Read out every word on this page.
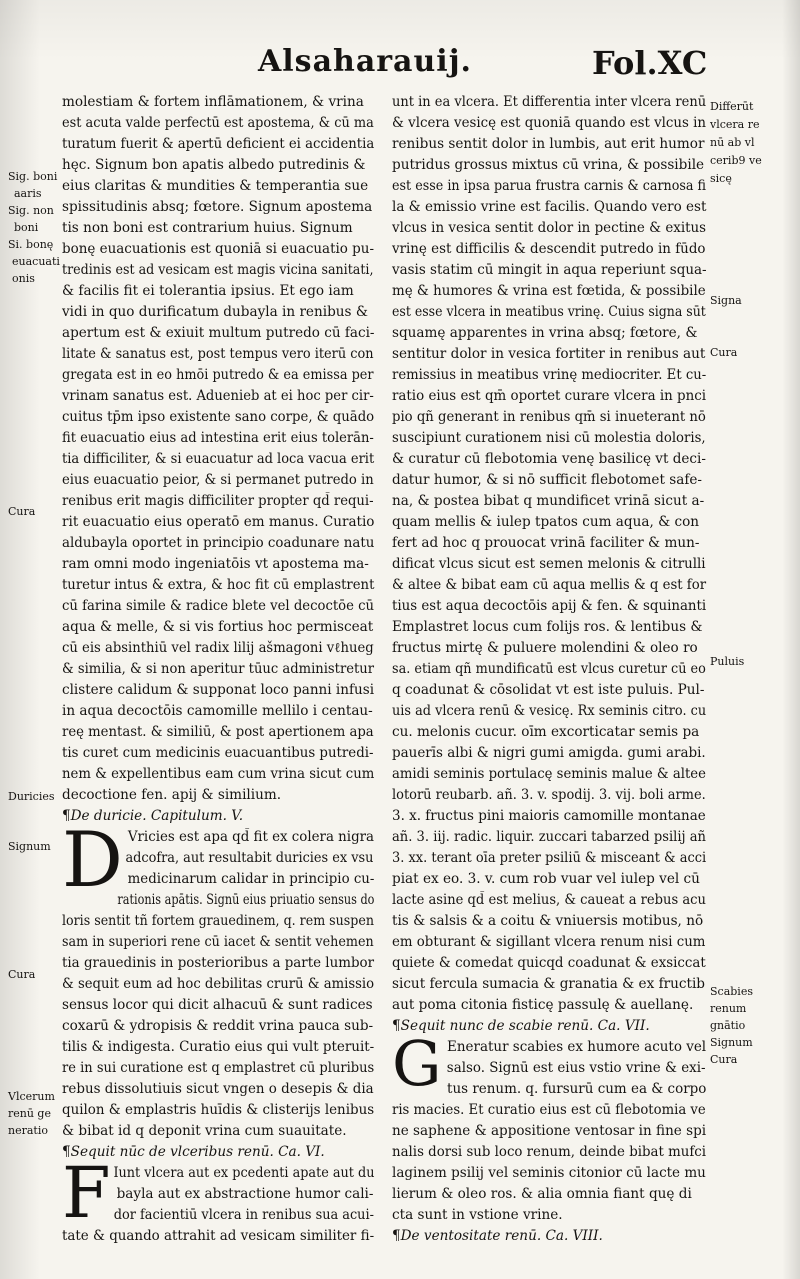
Alsaharauij.	Fol.XC
molestiam & fortem inflāmationem, & vrina
est acuta valde perfectū est apostema, & cū ma
turatum fuerit & apertū deficient ei accidentia
hęc. Signum bon apatis albedo putredinis &
eius claritas & mundities & temperantia sue
spissitudinis absq; fœtore. Signum apostema
tis non boni est contrarium huius. Signum
bonę euacuationis est quoniā si euacuatio pu-
tredinis est ad vesicam est magis vicina sanitati,
& facilis fit ei tolerantia ipsius. Et ego iam
vidi in quo durificatum dubayla in renibus &
apertum est & exiuit multum putredo cū faci-
litate & sanatus est, post tempus vero iterū con
gregata est in eo hmōi putredo & ea emissa per
vrinam sanatus est. Aduenieb at ei hoc per cir-
cuitus tp̄m ipso existente sano corpe, & quādo
fit euacuatio eius ad intestina erit eius tolerān-
tia difficiliter, & si euacuatur ad loca vacua erit
eius euacuatio peior, & si permanet putredo in
renibus erit magis difficiliter propter qd̄ requi-
rit euacuatio eius operatō em manus. Curatio
aldubayla oportet in principio coadunare natu
ram omni modo ingeniatōis vt apostema ma-
turetur intus & extra, & hoc fit cū emplastrent
cū farina simile & radice blete vel decoctōe cū
aqua & melle, & si vis fortius hoc permisceat
cū eis absinthiū vel radix lilij ašmagoni vℓhueg
& similia, & si non aperitur tūuc administretur
clistere calidum & supponat loco panni infusi
in aqua decoctōis camomille mellilo i centau-
reę mentast. & similiū, & post apertionem apa
tis curet cum medicinis euacuantibus putredi-
nem & expellentibus eam cum vrina sicut cum
decoctione fen. apij & similium.
¶ De duricie. Capitulum. V.
D Vricies est apa qd̄ fit ex colera nigra
adcofra, aut resultabit duricies ex vsu
medicinarum calidar in principio cu-
rationis apātis. Signū eius priuatio sensus do
loris sentit tñ fortem grauedinem, q. rem suspen
sam in superiori rene cū iacet & sentit vehemen
tia grauedinis in posterioribus a parte lumbor
& sequit eum ad hoc debilitas crurū & amissio
sensus locor qui dicit alhacuū & sunt radices
coxarū & ydropisis & reddit vrina pauca sub-
tilis & indigesta. Curatio eius qui vult pteruit-
re in sui curatione est q emplastret cū pluribus
rebus dissolutiuis sicut vngen o desepis & dia
quilon & emplastris huīdis & clisterijs lenibus
& bibat id q deponit vrina cum suauitate.
¶ Sequit nūc de vlceribus renū. Ca. VI.
F Iunt vlcera aut ex pcedenti apate aut du
bayla aut ex abstractione humor cali-
dor facientiū vlcera in renibus sua acui-
tate & quando attrahit ad vesicam similiter fi-
unt in ea vlcera. Et differentia inter vlcera renū
& vlcera vesicę est quoniā quando est vlcus in
renibus sentit dolor in lumbis, aut erit humor
putridus grossus mixtus cū vrina, & possibile
est esse in ipsa parua frustra carnis & carnosa fi
la & emissio vrine est facilis. Quando vero est
vlcus in vesica sentit dolor in pectine & exitus
vrinę est difficilis & descendit putredo in fūdo
vasis statim cū mingit in aqua reperiunt squa-
mę & humores & vrina est fœtida, & possibile
est esse vlcera in meatibus vrinę. Cuius signa sūt
squamę apparentes in vrina absq; fœtore, &
sentitur dolor in vesica fortiter in renibus aut
remissius in meatibus vrinę mediocriter. Et cu-
ratio eius est qm̄ oportet curare vlcera in pnci
pio qñ generant in renibus qm̄ si inueterant nō
suscipiunt curationem nisi cū molestia doloris,
& curatur cū flebotomia venę basilicę vt deci-
datur humor, & si nō sufficit flebotomet safe-
na, & postea bibat q mundificet vrinā sicut a-
quam mellis & iulep tpatos cum aqua, & con
fert ad hoc q prouocat vrinā faciliter & mun-
dificat vlcus sicut est semen melonis & citrulli
& altee & bibat eam cū aqua mellis & q est for
tius est aqua decoctōis apij & fen. & squinanti
Emplastret locus cum folijs ros. & lentibus &
fructus mirtę & puluere molendini & oleo ro
sa. etiam qñ mundificatū est vlcus curetur cū eo
q coadunat & cōsolidat vt est iste puluis. Pul-
uis ad vlcera renū & vesicę. Rx seminis citro. cu
cu. melonis cucur. oīm excorticatar semis pa
pauerīs albi & nigri gumi amigda. gumi arabi.
amidi seminis portulacę seminis malue & altee
lotorū reubarb. añ. 3. v. spodij. 3. vij. boli arme.
3. x. fructus pini maioris camomille montanae
añ. 3. iij. radic. liquir. zuccari tabarzed psilij añ
3. xx. terant oīa preter psiliū & misceant & acci
piat ex eo. 3. v. cum rob vuar vel iulep vel cū
lacte asine qd̄ est melius, & caueat a rebus acu
tis & salsis & a coitu & vniuersis motibus, nō
em obturant & sigillant vlcera renum nisi cum
quiete & comedat quicqd coadunat & exsiccat
sicut fercula sumacia & granatia & ex fructib
aut poma citonia fisticę passulę & auellanę.
¶ Sequit nunc de scabie renū. Ca. VII.
G Eneratur scabies ex humore acuto vel
salso. Signū est eius vstio vrine & exi-
tus renum. q. fursurū cum ea & corpo
ris macies. Et curatio eius est cū flebotomia ve
ne saphene & appositione ventosar in fine spi
nalis dorsi sub loco renum, deinde bibat mufci
laginem psilij vel seminis citonior cū lacte mu
lierum & oleo ros. & alia omnia fiant quę di
cta sunt in vstione vrine.
¶ De ventositate renū. Ca. VIII.
Sig. boni
aaris
Sig. non
boni
Si. bonę
euacuati
onis
Cura
Duricies
Signum
Cura
Vlcerum
renū ge
neratio
Differūt
vlcera re
nū ab vl
cerib9 ve
sicę
Signa
Cura
Puluis
Scabies
renum
gnātio
Signum
Cura
